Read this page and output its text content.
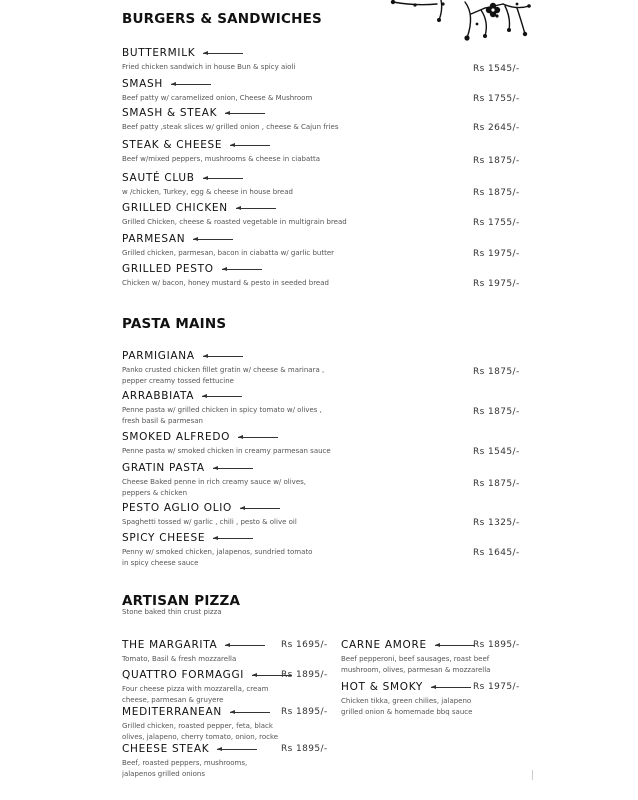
BURGERS & SANDWICHES
BUTTERMILK
Fried chicken sandwich in house Bun & spicy aioli	Rs 1545/-
SMASH
Beef patty w/ caramelized onion, Cheese & Mushroom	Rs 1755/-
SMASH & STEAK
Beef patty ,steak slices w/ grilled onion , cheese & Cajun fries	Rs 2645/-
STEAK & CHEESE
Beef w/mixed peppers, mushrooms & cheese in ciabatta	Rs 1875/-
SAUTÉ CLUB
w /chicken, Turkey, egg & cheese in house bread	Rs 1875/-
GRILLED CHICKEN
Grilled Chicken, cheese & roasted vegetable in multigrain bread	Rs 1755/-
PARMESAN
Grilled chicken, parmesan, bacon in ciabatta w/ garlic butter	Rs 1975/-
GRILLED PESTO
Chicken w/ bacon, honey mustard & pesto in seeded bread	Rs 1975/-
PASTA MAINS
PARMIGIANA
Panko crusted chicken fillet gratin w/ cheese & marinara ,
pepper creamy tossed fettucine
Rs 1875/-
ARRABBIATA
Penne pasta w/ grilled chicken in spicy tomato w/ olives ,
fresh basil & parmesan
Rs 1875/-
SMOKED ALFREDO
Penne pasta w/ smoked chicken in creamy parmesan sauce	Rs 1545/-
GRATIN PASTA
Cheese Baked penne in rich creamy sauce w/ olives,
peppers & chicken
Rs 1875/-
PESTO AGLIO OLIO
Spaghetti tossed w/ garlic , chili , pesto & olive oil	Rs 1325/-
SPICY CHEESE
Penny w/ smoked chicken, jalapenos, sundried tomato
in spicy cheese sauce
Rs 1645/-
ARTISAN PIZZA
Stone baked thin crust pizza
THE MARGARITA
Tomato, Basil & fresh mozzarella
Rs 1695/-
QUATTRO FORMAGGI
Four cheese pizza with mozzarella, cream
cheese, parmesan & gruyere
Rs 1895/-
MEDITERRANEAN
Grilled chicken, roasted pepper, feta, black
olives, jalapeno, cherry tomato, onion, rocke
Rs 1895/-
CHEESE STEAK
Beef, roasted peppers, mushrooms,
jalapenos grilled onions
Rs 1895/-
CARNE AMORE
Beef pepperoni, beef sausages, roast beef
mushroom, olives, parmesan & mozzarella
Rs 1895/-
HOT & SMOKY
Chicken tikka, green chilies, jalapeno
grilled onion & homemade bbq sauce
Rs 1975/-
